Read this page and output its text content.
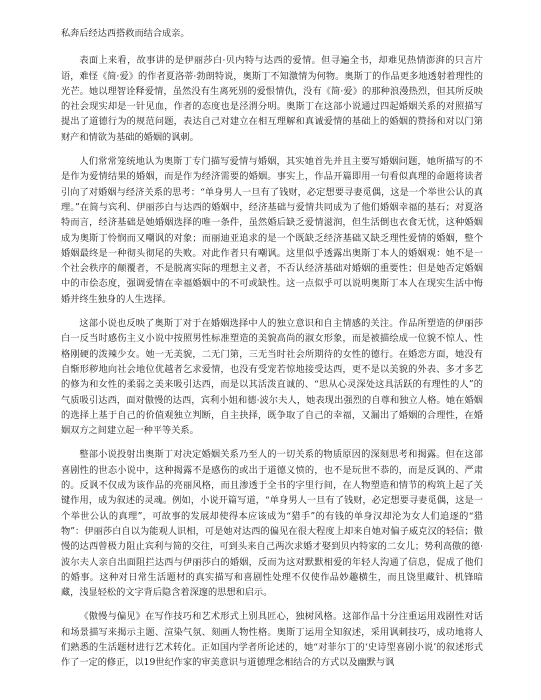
私奔后经达西搭救而结合成亲。

表面上来看，故事讲的是伊丽莎白·贝内特与达西的爱情。但寻遍全书，却难见热情澎湃的只言片语，难怪《简·爱》的作者夏洛蒂·勃朗特说，奥斯丁不知激情为何物。奥斯丁的作品更多地透射着理性的光芒。她以理智诠释爱情，虽然没有生离死别的爱恨情仇，没有《简·爱》的那种浪漫热烈，但其所反映的社会现实却是一针见血，作者的态度也是泾渭分明。奥斯丁在这部小说通过四起婚姻关系的对照描写提出了道德行为的规范问题，表达自己对建立在相互理解和真诚爱情的基础上的婚姻的赞扬和对以门第财产和情欲为基础的婚姻的讽刺。

人们常常笼统地认为奥斯丁专门描写爱情与婚姻，其实她首先并且主要写婚姻问题，她所描写的不是作为爱情结果的婚姻，而是作为经济需要的婚姻。事实上，作品开篇即用一句看似真理的命题将读者引向了对婚姻与经济关系的思考：“单身男人一旦有了钱财，必定想要寻妻觅偶，这是一个举世公认的真理。”在简与宾利、伊丽莎白与达西的婚姻中，经济基础与爱情共同成为了他们婚姻幸福的基石；对夏洛特而言，经济基础是她婚姻选择的唯一条件，虽然婚后缺乏爱情滋润，但生活倒也衣食无忧，这种婚姻成为奥斯丁怜悯而又嘲讽的对象；而丽迪亚追求的是一个既缺乏经济基础又缺乏理性爱情的婚姻，整个婚姻最终是一种彻头彻尾的失败。对此作者只有嘲讽。这里似乎透露出奥斯丁本人的婚姻观：她不是一个社会秩序的颠覆者，不是脱离实际的理想主义者，不否认经济基础对婚姻的重要性；但是她否定婚姻中的市侩态度，强调爱情在幸福婚姻中的不可或缺性。这一点似乎可以说明奥斯丁本人在现实生活中悔婚并终生独身的人生选择。

这部小说也反映了奥斯丁对于在婚姻选择中人的独立意识和自主情感的关注。作品所塑造的伊丽莎白一反当时感伤主义小说中按照男性标准塑造的美貌高尚的淑女形象，而是被描绘成一位貌不惊人、性格刚硬的泼辣少女。她一无美貌，二无门第，三无当时社会所期待的女性的德行。在婚恋方面，她没有自惭形秽地向社会地位优越者乞求爱情，也没有受宠若惊地接受达西，更不是以美貌的外表、多才多艺的修为和女性的柔弱之美来吸引达西，而是以其活泼直诚的、“思从心灵深处这具活跃的有理性的人”的气质吸引达西，面对傲慢的达西，宾利小姐和德·波尔夫人，她表现出强烈的自尊和独立人格。她在婚姻的选择上基于自己的价值观独立判断，自主抉择，既争取了自己的幸福，又漏出了婚姻的合理性，在婚姻双方之间建立起一种平等关系。

整部小说投射出奥斯丁对决定婚姻关系乃至人的一切关系的物质原因的深刻思考和揭露。但在这部喜剧性的世态小说中，这种揭露不是感伤的或出于道德义愤的，也不是玩世不恭的，而是反讽的、严肃的。反讽不仅成为该作品的亮丽风格，而且渗透于全书的字里行间，在人物塑造和情节的构筑上起了关键作用，成为叙述的灵魂。例如，小说开篇写道，“单身男人一旦有了钱财，必定想要寻妻觅偶，这是一个举世公认的真理”，可故事的发展却使得本应该成为“猎手”的有钱的单身汉却沦为女人们追逐的“猎物”：伊丽莎白自以为能观人识相，可是她对达西的偏见在很大程度上却来自她对偏子威克汉的轻信；傲慢的达西曾极力阻止宾利与简的交往，可到头来自己两次求婚才娶到贝内特家的二女儿；势利高傲的德·波尔夫人亲自出面阻拦达西与伊丽莎白的婚姻，反而为这对默默相爱的年轻人沟通了信息，促成了他们的婚事。这种对日常生活题材的真实描写和喜剧性处理不仅使作品妙趣横生，而且饶里藏针、机锋暗藏，浅显轻松的文字背后隐含着深邃的思想和启示。

《傲慢与偏见》在写作技巧和艺术形式上别具匠心，独树风格。这部作品十分注重运用戏剧性对话和场景描写来揭示主题、渲染气氛、刻画人物性格。奥斯丁运用全知叙述，采用讽刺技巧，成功地将人们熟悉的生活题材进行艺术转化。正如国内学者所论述的，她“对菲尔丁的‘史诗型喜剧小说’的叙述形式作了一定的修正，以19世纪作家的审美意识与道德理念相结合的方式以及幽默与讽
